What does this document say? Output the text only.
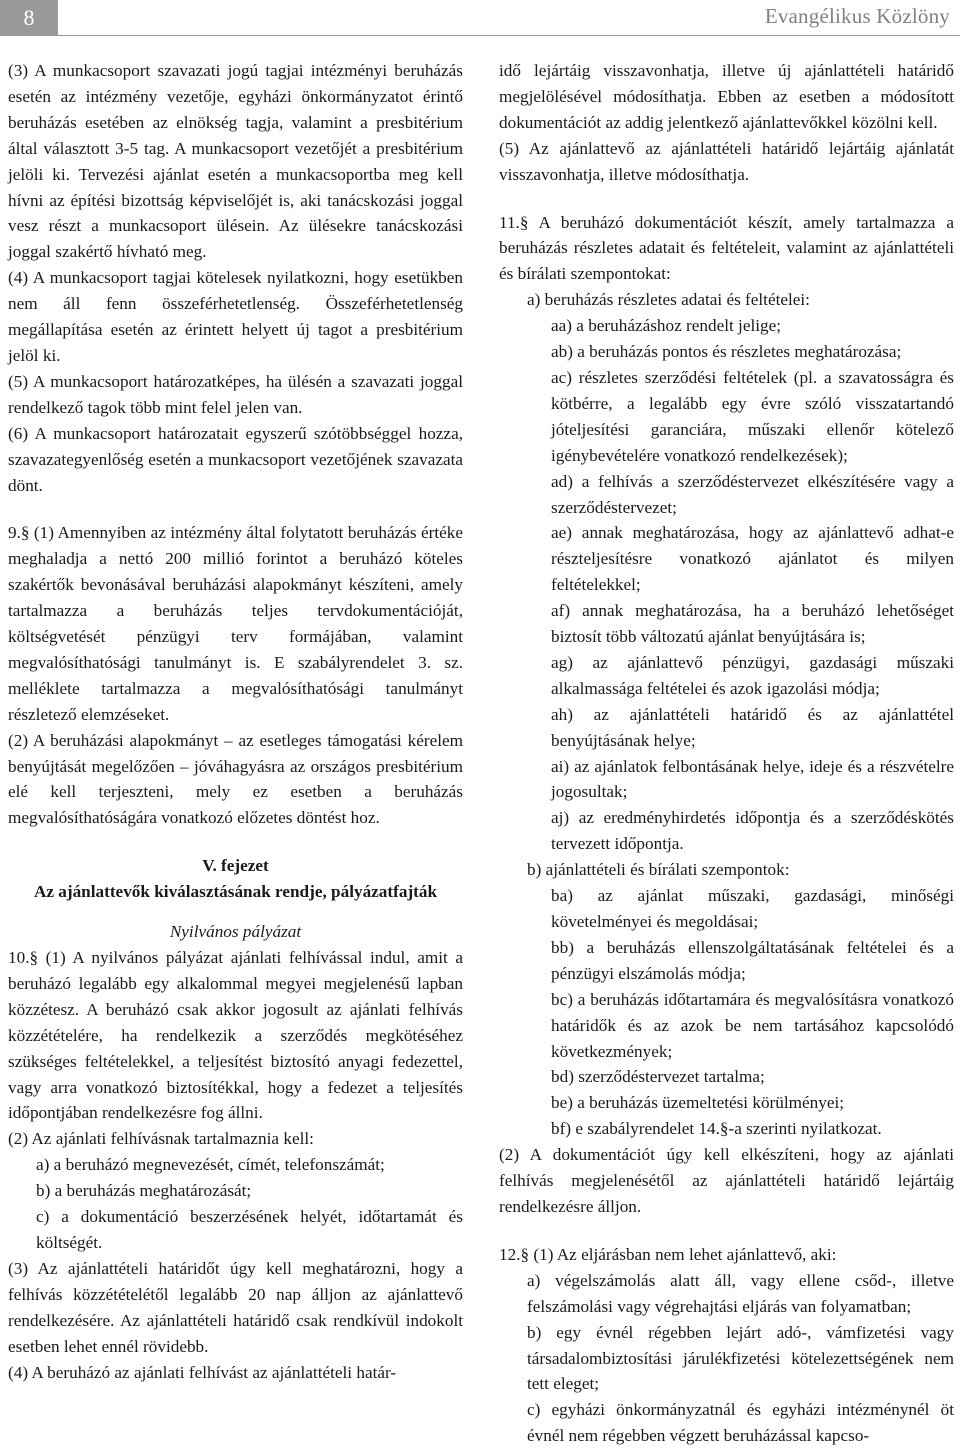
8	Evangélikus Közlöny

(3) A munkacsoport szavazati jogú tagjai intézményi beruházás esetén az intézmény vezetője, egyházi önkormányzatot érintő beruházás esetében az elnökség tagja, valamint a presbitérium által választott 3-5 tag. A munkacsoport vezetőjét a presbitérium jelöli ki. Tervezési ajánlat esetén a munkacsoportba meg kell hívni az építési bizottság képviselőjét is, aki tanácskozási joggal vesz részt a munkacsoport ülésein. Az ülésekre tanácskozási joggal szakértő hívható meg.

(4) A munkacsoport tagjai kötelesek nyilatkozni, hogy esetükben nem áll fenn összeférhetetlenség. Összeférhetetlenség megállapítása esetén az érintett helyett új tagot a presbitérium jelöl ki.

(5) A munkacsoport határozatképes, ha ülésén a szavazati joggal rendelkező tagok több mint felel jelen van.

(6) A munkacsoport határozatait egyszerű szótöbbséggel hozza, szavazategyenlőség esetén a munkacsoport vezetőjének szavazata dönt.

9.§ (1) Amennyiben az intézmény által folytatott beruházás értéke meghaladja a nettó 200 millió forintot a beruházó köteles szakértők bevonásával beruházási alapokmányt készíteni, amely tartalmazza a beruházás teljes tervdokumentációját, költségvetését pénzügyi terv formájában, valamint megvalósíthatósági tanulmányt is. E szabályrendelet 3. sz. melléklete tartalmazza a megvalósíthatósági tanulmányt részletező elemzéseket.

(2) A beruházási alapokmányt – az esetleges támogatási kérelem benyújtását megelőzően – jóváhagyásra az országos presbitérium elé kell terjeszteni, mely ez esetben a beruházás megvalósíthatóságára vonatkozó előzetes döntést hoz.

V. fejezet

Az ajánlattevők kiválasztásának rendje, pályázatfajták

Nyilvános pályázat

10.§ (1) A nyilvános pályázat ajánlati felhívással indul, amit a beruházó legalább egy alkalommal megyei megjelenésű lapban közzétesz. A beruházó csak akkor jogosult az ajánlati felhívás közzétételére, ha rendelkezik a szerződés megkötéséhez szükséges feltételekkel, a teljesítést biztosító anyagi fedezettel, vagy arra vonatkozó biztosítékkal, hogy a fedezet a teljesítés időpontjában rendelkezésre fog állni.

(2) Az ajánlati felhívásnak tartalmaznia kell:

a) a beruházó megnevezését, címét, telefonszámát;

b) a beruházás meghatározását;

c) a dokumentáció beszerzésének helyét, időtartamát és költségét.

(3) Az ajánlattételi határidőt úgy kell meghatározni, hogy a felhívás közzétételétől legalább 20 nap álljon az ajánlattevő rendelkezésére. Az ajánlattételi határidő csak rendkívül indokolt esetben lehet ennél rövidebb.

(4) A beruházó az ajánlati felhívást az ajánlattételi határ-

idő lejártáig visszavonhatja, illetve új ajánlattételi határidő megjelölésével módosíthatja. Ebben az esetben a módosított dokumentációt az addig jelentkező ajánlattevőkkel közölni kell.

(5) Az ajánlattevő az ajánlattételi határidő lejártáig ajánlatát visszavonhatja, illetve módosíthatja.

11.§ A beruházó dokumentációt készít, amely tartalmazza a beruházás részletes adatait és feltételeit, valamint az ajánlattételi és bírálati szempontokat:

a) beruházás részletes adatai és feltételei:

aa) a beruházáshoz rendelt jelige;

ab) a beruházás pontos és részletes meghatározása;

ac) részletes szerződési feltételek (pl. a szavatosságra és kötbérre, a legalább egy évre szóló visszatartandó jóteljesítési garanciára, műszaki ellenőr kötelező igénybevételére vonatkozó rendelkezések);

ad) a felhívás a szerződéstervezet elkészítésére vagy a szerződéstervezet;

ae) annak meghatározása, hogy az ajánlattevő adhat-e részteljesítésre vonatkozó ajánlatot és milyen feltételekkel;

af) annak meghatározása, ha a beruházó lehetőséget biztosít több változatú ajánlat benyújtására is;

ag) az ajánlattevő pénzügyi, gazdasági műszaki alkalmassága feltételei és azok igazolási módja;

ah) az ajánlattételi határidő és az ajánlattétel benyújtásának helye;

ai) az ajánlatok felbontásának helye, ideje és a részvételre jogosultak;

aj) az eredményhirdetés időpontja és a szerződéskötés tervezett időpontja.

b) ajánlattételi és bírálati szempontok:

ba) az ajánlat műszaki, gazdasági, minőségi követelményei és megoldásai;

bb) a beruházás ellenszolgáltatásának feltételei és a pénzügyi elszámolás módja;

bc) a beruházás időtartamára és megvalósításra vonatkozó határidők és az azok be nem tartásához kapcsolódó következmények;

bd) szerződéstervezet tartalma;

be) a beruházás üzemeltetési körülményei;

bf) e szabályrendelet 14.§-a szerinti nyilatkozat.

(2) A dokumentációt úgy kell elkészíteni, hogy az ajánlati felhívás megjelenésétől az ajánlattételi határidő lejártáig rendelkezésre álljon.

12.§ (1) Az eljárásban nem lehet ajánlattevő, aki:

a) végelszámolás alatt áll, vagy ellene csőd-, illetve felszámolási vagy végrehajtási eljárás van folyamatban;

b) egy évnél régebben lejárt adó-, vámfizetési vagy társadalombiztosítási járulékfizetési kötelezettségének nem tett eleget;

c) egyházi önkormányzatnál és egyházi intézménynél öt évnél nem régebben végzett beruházással kapcso-
